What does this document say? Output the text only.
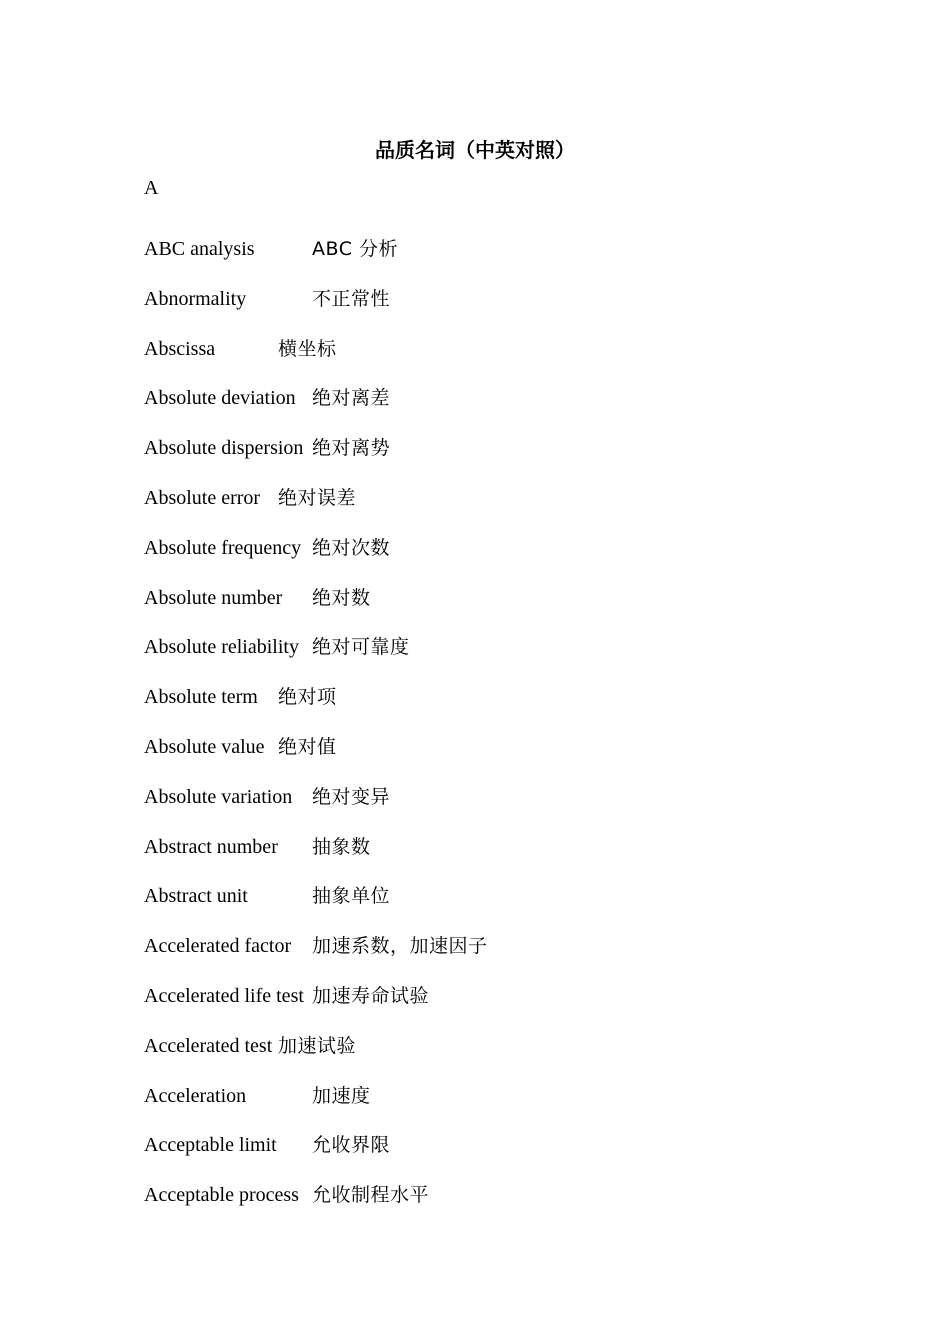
品质名词（中英对照）
A
ABC analysis	ABC 分析
Abnormality	不正常性
Abscissa	横坐标
Absolute deviation 绝对离差
Absolute dispersion 绝对离势
Absolute error 绝对误差
Absolute frequency 绝对次数
Absolute number 绝对数
Absolute reliability 绝对可靠度
Absolute term 绝对项
Absolute value 绝对值
Absolute variation 绝对变异
Abstract number 抽象数
Abstract unit	抽象单位
Accelerated factor 加速系数，加速因子
Accelerated life test 加速寿命试验
Accelerated test 加速试验
Acceleration	加速度
Acceptable limit 允收界限
Acceptable process 允收制程水平
